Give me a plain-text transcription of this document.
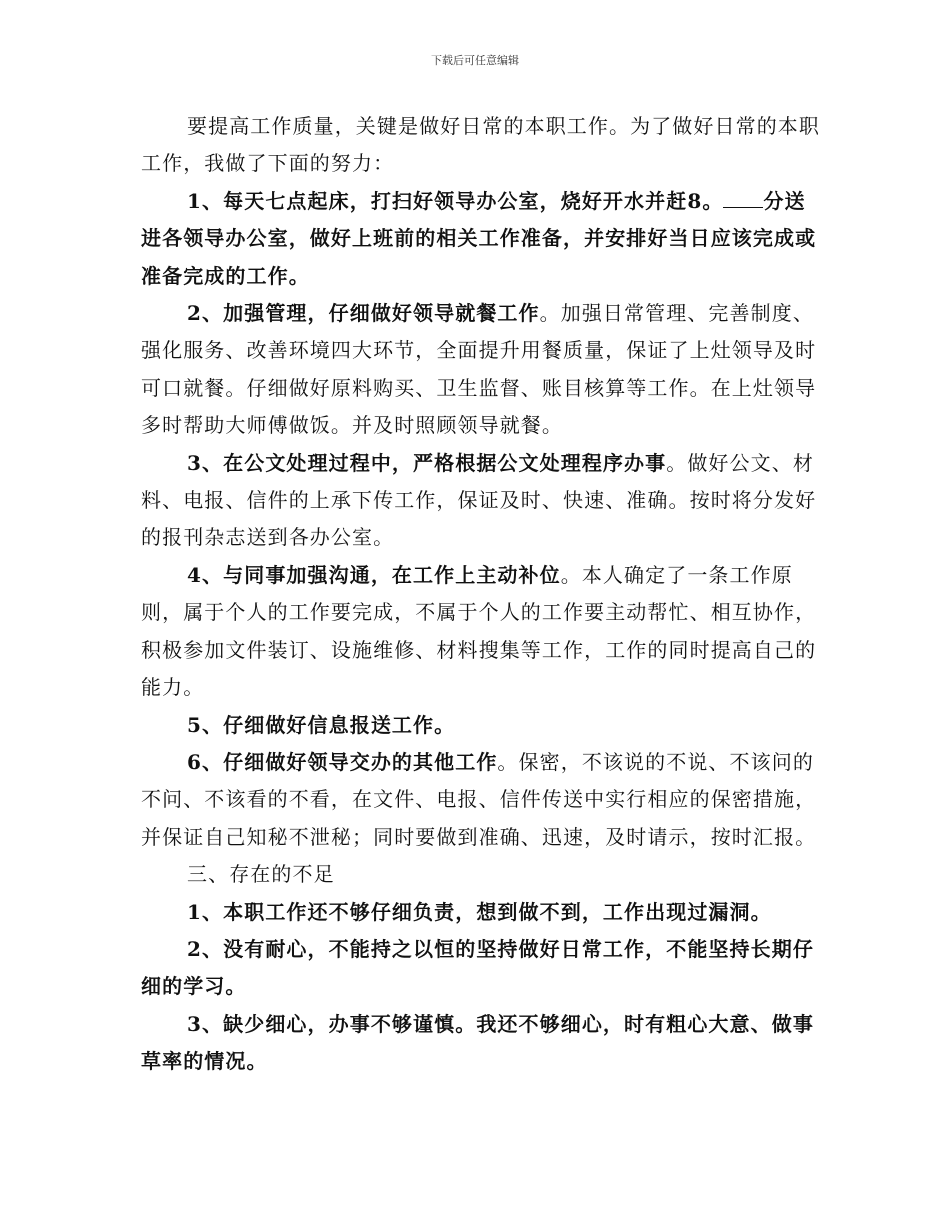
下载后可任意编辑

要提高工作质量，关键是做好日常的本职工作。为了做好日常的本职工作，我做了下面的努力：

1、每天七点起床，打扫好领导办公室，烧好开水并赶8。 分送进各领导办公室，做好上班前的相关工作准备，并安排好当日应该完成或准备完成的工作。

2、加强管理，仔细做好领导就餐工作。加强日常管理、完善制度、强化服务、改善环境四大环节，全面提升用餐质量，保证了上灶领导及时可口就餐。仔细做好原料购买、卫生监督、账目核算等工作。在上灶领导多时帮助大师傅做饭。并及时照顾领导就餐。

3、在公文处理过程中，严格根据公文处理程序办事。做好公文、材料、电报、信件的上承下传工作，保证及时、快速、准确。按时将分发好的报刊杂志送到各办公室。

4、与同事加强沟通，在工作上主动补位。本人确定了一条工作原则，属于个人的工作要完成，不属于个人的工作要主动帮忙、相互协作，积极参加文件装订、设施维修、材料搜集等工作，工作的同时提高自己的能力。

5、仔细做好信息报送工作。

6、仔细做好领导交办的其他工作。保密，不该说的不说、不该问的不问、不该看的不看，在文件、电报、信件传送中实行相应的保密措施，并保证自己知秘不泄秘；同时要做到准确、迅速，及时请示，按时汇报。

三、存在的不足

1、本职工作还不够仔细负责，想到做不到，工作出现过漏洞。

2、没有耐心，不能持之以恒的坚持做好日常工作，不能坚持长期仔细的学习。

3、缺少细心，办事不够谨慎。我还不够细心，时有粗心大意、做事草率的情况。
